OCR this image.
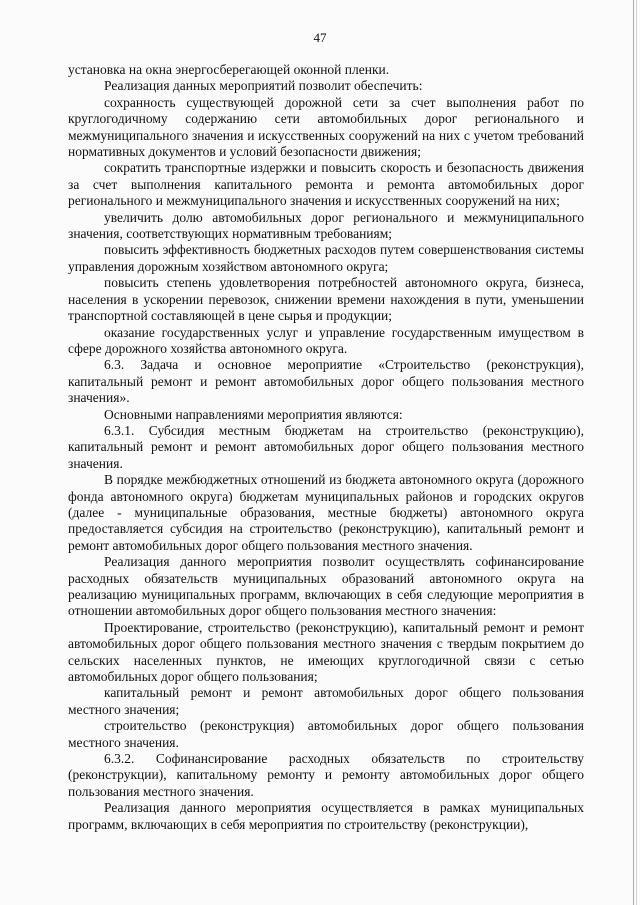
47

установка на окна энергосберегающей оконной пленки.

Реализация данных мероприятий позволит обеспечить:

сохранность существующей дорожной сети за счет выполнения работ по круглогодичному содержанию сети автомобильных дорог регионального и межмуниципального значения и искусственных сооружений на них с учетом требований нормативных документов и условий безопасности движения;

сократить транспортные издержки и повысить скорость и безопасность движения за счет выполнения капитального ремонта и ремонта автомобильных дорог регионального и межмуниципального значения и искусственных сооружений на них;

увеличить долю автомобильных дорог регионального и межмуниципального значения, соответствующих нормативным требованиям;

повысить эффективность бюджетных расходов путем совершенствования системы управления дорожным хозяйством автономного округа;

повысить степень удовлетворения потребностей автономного округа, бизнеса, населения в ускорении перевозок, снижении времени нахождения в пути, уменьшении транспортной составляющей в цене сырья и продукции;

оказание государственных услуг и управление государственным имуществом в сфере дорожного хозяйства автономного округа.

6.3. Задача и основное мероприятие «Строительство (реконструкция), капитальный ремонт и ремонт автомобильных дорог общего пользования местного значения».

Основными направлениями мероприятия являются:

6.3.1. Субсидия местным бюджетам на строительство (реконструкцию), капитальный ремонт и ремонт автомобильных дорог общего пользования местного значения.

В порядке межбюджетных отношений из бюджета автономного округа (дорожного фонда автономного округа) бюджетам муниципальных районов и городских округов (далее - муниципальные образования, местные бюджеты) автономного округа предоставляется субсидия на строительство (реконструкцию), капитальный ремонт и ремонт автомобильных дорог общего пользования местного значения.

Реализация данного мероприятия позволит осуществлять софинансирование расходных обязательств муниципальных образований автономного округа на реализацию муниципальных программ, включающих в себя следующие мероприятия в отношении автомобильных дорог общего пользования местного значения:

Проектирование, строительство (реконструкцию), капитальный ремонт и ремонт автомобильных дорог общего пользования местного значения с твердым покрытием до сельских населенных пунктов, не имеющих круглогодичной связи с сетью автомобильных дорог общего пользования;

капитальный ремонт и ремонт автомобильных дорог общего пользования местного значения;

строительство (реконструкция) автомобильных дорог общего пользования местного значения.

6.3.2. Софинансирование расходных обязательств по строительству (реконструкции), капитальному ремонту и ремонту автомобильных дорог общего пользования местного значения.

Реализация данного мероприятия осуществляется в рамках муниципальных программ, включающих в себя мероприятия по строительству (реконструкции),
